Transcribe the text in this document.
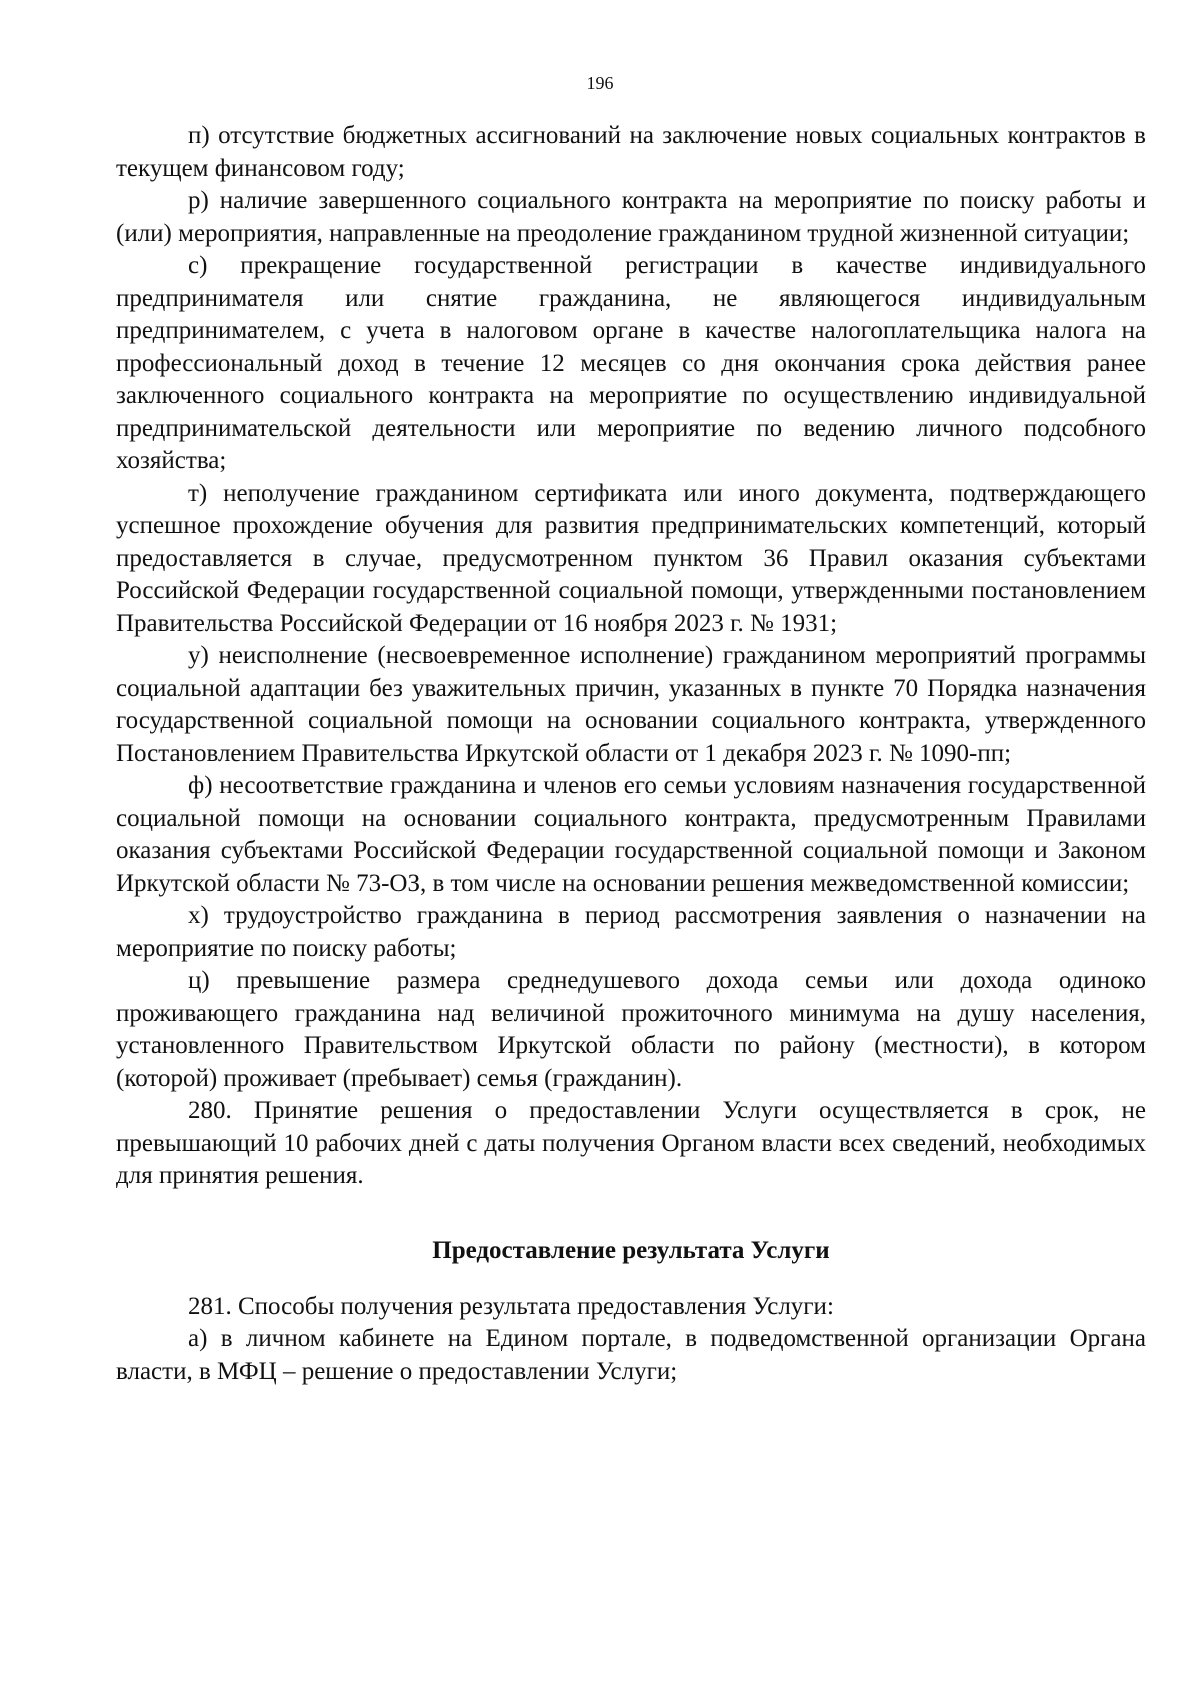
196

п) отсутствие бюджетных ассигнований на заключение новых социальных контрактов в текущем финансовом году;

р) наличие завершенного социального контракта на мероприятие по поиску работы и (или) мероприятия, направленные на преодоление гражданином трудной жизненной ситуации;

с) прекращение государственной регистрации в качестве индивидуального предпринимателя или снятие гражданина, не являющегося индивидуальным предпринимателем, с учета в налоговом органе в качестве налогоплательщика налога на профессиональный доход в течение 12 месяцев со дня окончания срока действия ранее заключенного социального контракта на мероприятие по осуществлению индивидуальной предпринимательской деятельности или мероприятие по ведению личного подсобного хозяйства;

т) неполучение гражданином сертификата или иного документа, подтверждающего успешное прохождение обучения для развития предпринимательских компетенций, который предоставляется в случае, предусмотренном пунктом 36 Правил оказания субъектами Российской Федерации государственной социальной помощи, утвержденными постановлением Правительства Российской Федерации от 16 ноября 2023 г. № 1931;

у) неисполнение (несвоевременное исполнение) гражданином мероприятий программы социальной адаптации без уважительных причин, указанных в пункте 70 Порядка назначения государственной социальной помощи на основании социального контракта, утвержденного Постановлением Правительства Иркутской области от 1 декабря 2023 г. № 1090-пп;

ф) несоответствие гражданина и членов его семьи условиям назначения государственной социальной помощи на основании социального контракта, предусмотренным Правилами оказания субъектами Российской Федерации государственной социальной помощи и Законом Иркутской области № 73-ОЗ, в том числе на основании решения межведомственной комиссии;

х) трудоустройство гражданина в период рассмотрения заявления о назначении на мероприятие по поиску работы;

ц) превышение размера среднедушевого дохода семьи или дохода одиноко проживающего гражданина над величиной прожиточного минимума на душу населения, установленного Правительством Иркутской области по району (местности), в котором (которой) проживает (пребывает) семья (гражданин).

280. Принятие решения о предоставлении Услуги осуществляется в срок, не превышающий 10 рабочих дней с даты получения Органом власти всех сведений, необходимых для принятия решения.

Предоставление результата Услуги

281. Способы получения результата предоставления Услуги:

а) в личном кабинете на Едином портале, в подведомственной организации Органа власти, в МФЦ – решение о предоставлении Услуги;
